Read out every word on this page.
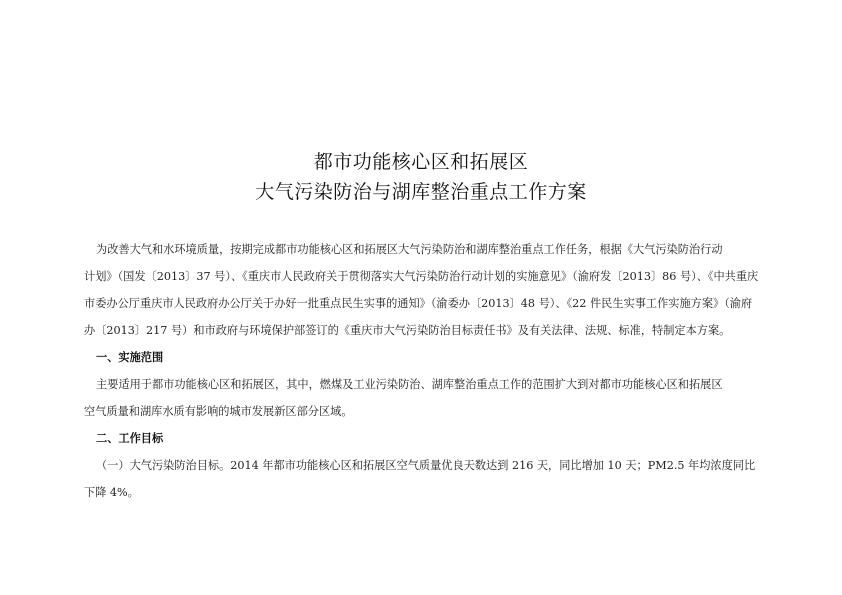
都市功能核心区和拓展区
大气污染防治与湖库整治重点工作方案
为改善大气和水环境质量，按期完成都市功能核心区和拓展区大气污染防治和湖库整治重点工作任务，根据《大气污染防治行动
计划》（国发〔2013〕37 号）、《重庆市人民政府关于贯彻落实大气污染防治行动计划的实施意见》（渝府发〔2013〕86 号）、《中共重庆
市委办公厅重庆市人民政府办公厅关于办好一批重点民生实事的通知》（渝委办〔2013〕48 号）、《22 件民生实事工作实施方案》（渝府
办〔2013〕217 号）和市政府与环境保护部签订的《重庆市大气污染防治目标责任书》及有关法律、法规、标准，特制定本方案。
一、实施范围
主要适用于都市功能核心区和拓展区，其中，燃煤及工业污染防治、湖库整治重点工作的范围扩大到对都市功能核心区和拓展区
空气质量和湖库水质有影响的城市发展新区部分区域。
二、工作目标
（一）大气污染防治目标。2014 年都市功能核心区和拓展区空气质量优良天数达到 216 天，同比增加 10 天；PM2.5 年均浓度同比
下降 4%。
